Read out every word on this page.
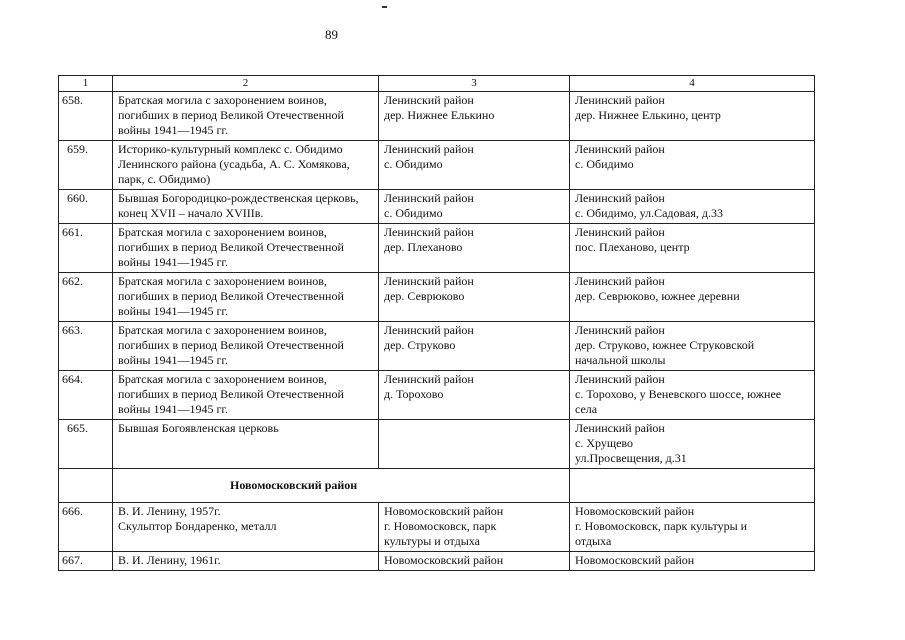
89
1	2	3	4
658.	Братская могила с захоронением воинов,
погибших в период Великой Отечественной
войны 1941—1945 гг.	Ленинский район
дер. Нижнее Елькино	Ленинский район
дер. Нижнее Елькино, центр

659.	Историко-культурный комплекс с. Обидимо
Ленинского района (усадьба, А. С. Хомякова,
парк, с. Обидимо)	Ленинский район
с. Обидимо	Ленинский район
с. Обидимо

660.	Бывшая Богородицко-рождественская церковь,
конец XVII – начало XVIIIв.	Ленинский район
с. Обидимо	Ленинский район
с. Обидимо, ул.Садовая, д.33

661.	Братская могила с захоронением воинов,
погибших в период Великой Отечественной
войны 1941—1945 гг.	Ленинский район
дер. Плеханово	Ленинский район
пос. Плеханово, центр

662.	Братская могила с захоронением воинов,
погибших в период Великой Отечественной
войны 1941—1945 гг.	Ленинский район
дер. Севрюково	Ленинский район
дер. Севрюково, южнее деревни

663.	Братская могила с захоронением воинов,
погибших в период Великой Отечественной
войны 1941—1945 гг.	Ленинский район
дер. Струково	Ленинский район
дер. Струково, южнее Струковской
начальной школы

664.	Братская могила с захоронением воинов,
погибших в период Великой Отечественной
войны 1941—1945 гг.	Ленинский район
д. Торохово	Ленинский район
с. Торохово, у Веневского шоссе, южнее
села

665.	Бывшая Богоявленская церковь		Ленинский район
с. Хрущево
ул.Просвещения, д.31

	Новомосковский район		
666.	В. И. Ленину, 1957г.
Скульптор Бондаренко, металл	Новомосковский район
г. Новомосковск, парк
культуры и отдыха	Новомосковский район
г. Новомосковск, парк культуры и
отдыха

667.	В. И. Ленину, 1961г.	Новомосковский район	Новомосковский район
